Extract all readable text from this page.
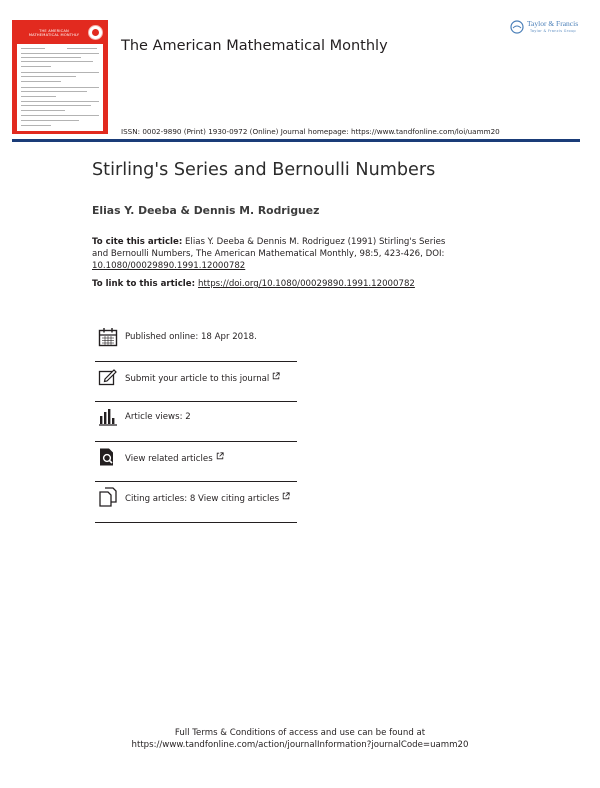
THE AMERICAN
MATHEMATICAL MONTHLY
Taylor & Francis
Taylor & Francis Group
The American Mathematical Monthly
ISSN: 0002-9890 (Print) 1930-0972 (Online) Journal homepage: https://www.tandfonline.com/loi/uamm20
Stirling's Series and Bernoulli Numbers
Elias Y. Deeba & Dennis M. Rodriguez
To cite this article: Elias Y. Deeba & Dennis M. Rodriguez (1991) Stirling's Series
and Bernoulli Numbers, The American Mathematical Monthly, 98:5, 423-426, DOI:
10.1080/00029890.1991.12000782
To link to this article: https://doi.org/10.1080/00029890.1991.12000782
Published online: 18 Apr 2018.
Submit your article to this journal
Article views: 2
View related articles
Citing articles: 8 View citing articles
Full Terms & Conditions of access and use can be found at
https://www.tandfonline.com/action/journalInformation?journalCode=uamm20
